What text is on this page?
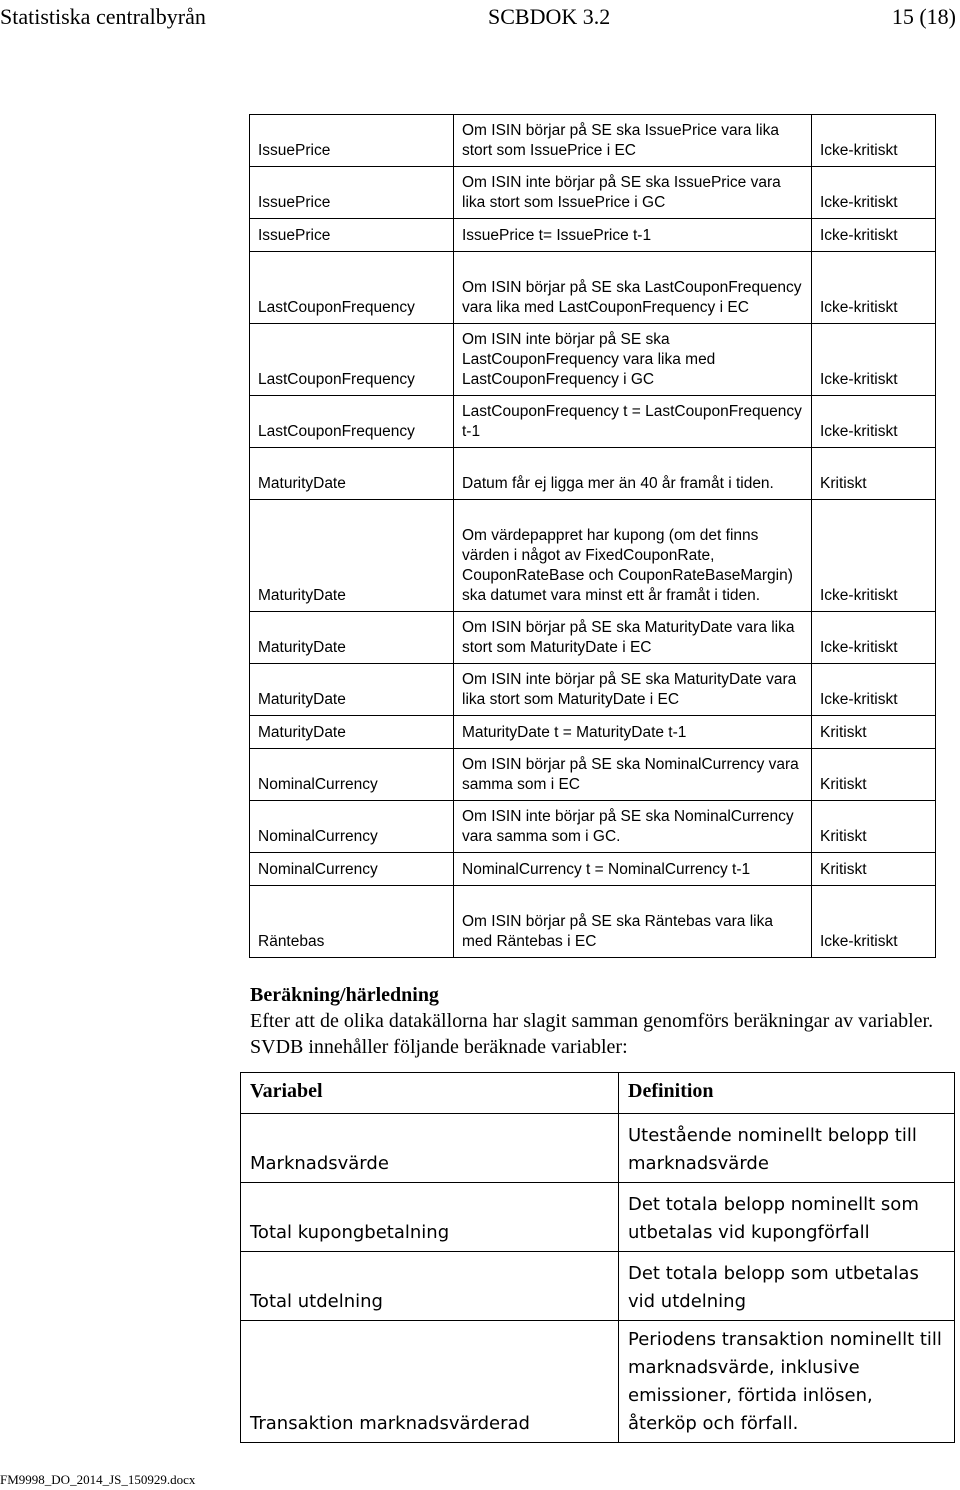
Statistiska centralbyrån	SCBDOK 3.2	15 (18)
IssuePrice	Om ISIN börjar på SE ska IssuePrice vara lika stort som IssuePrice i EC	Icke-kritiskt
IssuePrice	Om ISIN inte börjar på SE ska IssuePrice vara lika stort som IssuePrice i GC	Icke-kritiskt
IssuePrice	IssuePrice t= IssuePrice t-1	Icke-kritiskt
LastCouponFrequency	Om ISIN börjar på SE ska LastCouponFrequency vara lika med LastCouponFrequency i EC	Icke-kritiskt
LastCouponFrequency	Om ISIN inte börjar på SE ska LastCouponFrequency vara lika med LastCouponFrequency i GC	Icke-kritiskt
LastCouponFrequency	LastCouponFrequency t = LastCouponFrequency t-1	Icke-kritiskt
MaturityDate	Datum får ej ligga mer än 40 år framåt i tiden.	Kritiskt
MaturityDate	Om värdepappret har kupong (om det finns värden i något av FixedCouponRate, CouponRateBase och CouponRateBaseMargin) ska datumet vara minst ett år framåt i tiden.	Icke-kritiskt
MaturityDate	Om ISIN börjar på SE ska MaturityDate vara lika stort som MaturityDate i EC	Icke-kritiskt
MaturityDate	Om ISIN inte börjar på SE ska MaturityDate vara lika stort som MaturityDate i EC	Icke-kritiskt
MaturityDate	MaturityDate t = MaturityDate t-1	Kritiskt
NominalCurrency	Om ISIN börjar på SE ska NominalCurrency vara samma som i EC	Kritiskt
NominalCurrency	Om ISIN inte börjar på SE ska NominalCurrency vara samma som i GC.	Kritiskt
NominalCurrency	NominalCurrency t = NominalCurrency t-1	Kritiskt
Räntebas	Om ISIN börjar på SE ska Räntebas vara lika med Räntebas i EC	Icke-kritiskt
Beräkning/härledning
Efter att de olika datakällorna har slagit samman genomförs beräkningar av variabler. SVDB innehåller följande beräknade variabler:
Variabel	Definition
Marknadsvärde	Utestående nominellt belopp till marknadsvärde
Total kupongbetalning	Det totala belopp nominellt som utbetalas vid kupongförfall
Total utdelning	Det totala belopp som utbetalas vid utdelning
Transaktion marknadsvärderad	Periodens transaktion nominellt till marknadsvärde, inklusive emissioner, förtida inlösen, återköp och förfall.
FM9998_DO_2014_JS_150929.docx
